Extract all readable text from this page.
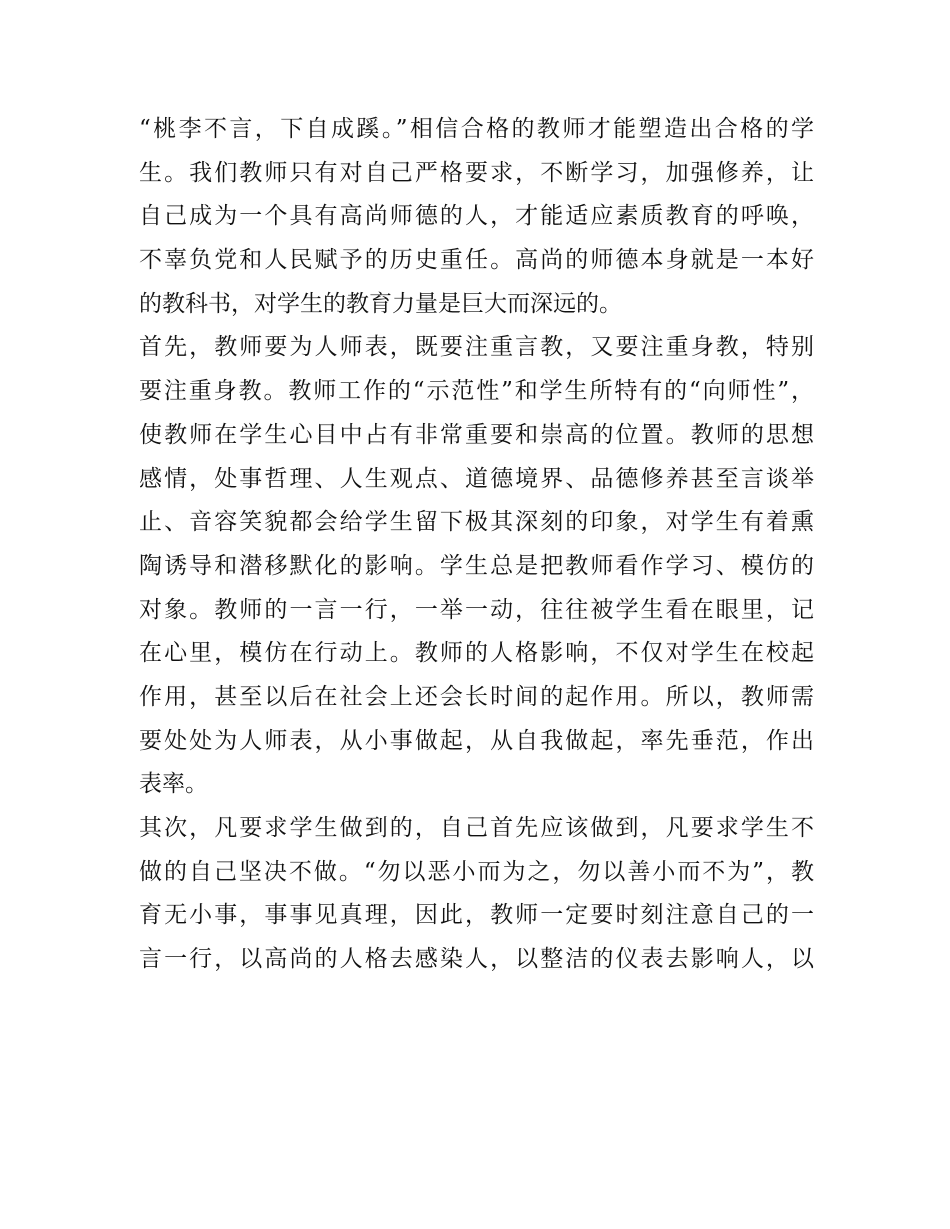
“桃李不言，下自成蹊。”相信合格的教师才能塑造出合格的学
生。我们教师只有对自己严格要求，不断学习，加强修养，让
自己成为一个具有高尚师德的人，才能适应素质教育的呼唤，
不辜负党和人民赋予的历史重任。高尚的师德本身就是一本好
的教科书，对学生的教育力量是巨大而深远的。
首先，教师要为人师表，既要注重言教，又要注重身教，特别
要注重身教。教师工作的“示范性”和学生所特有的“向师性”，
使教师在学生心目中占有非常重要和崇高的位置。教师的思想
感情，处事哲理、人生观点、道德境界、品德修养甚至言谈举
止、音容笑貌都会给学生留下极其深刻的印象，对学生有着熏
陶诱导和潜移默化的影响。学生总是把教师看作学习、模仿的
对象。教师的一言一行，一举一动，往往被学生看在眼里，记
在心里，模仿在行动上。教师的人格影响，不仅对学生在校起
作用，甚至以后在社会上还会长时间的起作用。所以，教师需
要处处为人师表，从小事做起，从自我做起，率先垂范，作出
表率。
其次，凡要求学生做到的，自己首先应该做到，凡要求学生不
做的自己坚决不做。“勿以恶小而为之，勿以善小而不为”，教
育无小事，事事见真理，因此，教师一定要时刻注意自己的一
言一行，以高尚的人格去感染人，以整洁的仪表去影响人，以
